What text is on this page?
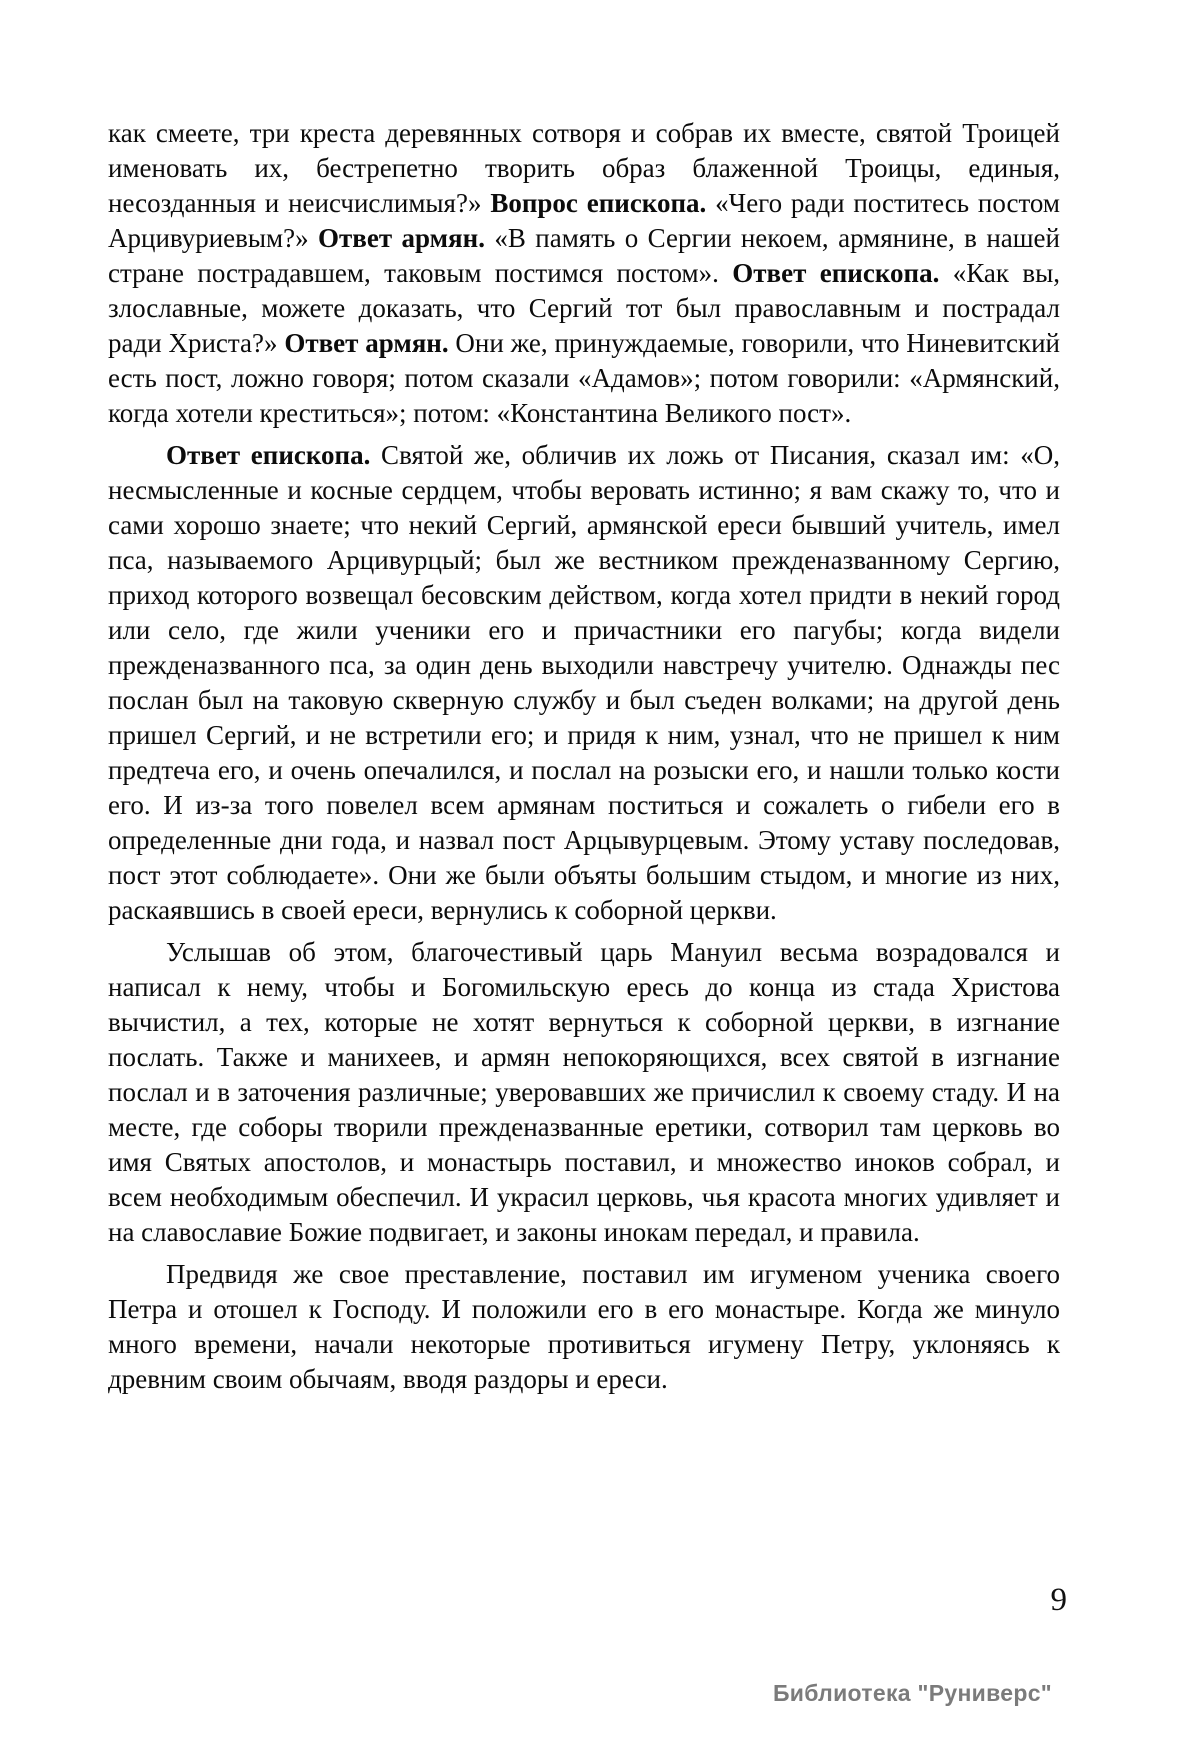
как смеете, три креста деревянных сотворя и собрав их вместе, святой Троицей именовать их, бестрепетно творить образ блаженной Троицы, единыя, несозданныя и неисчислимыя?» Вопрос епископа. «Чего ради поститесь постом Арцивуриевым?» Ответ армян. «В память о Сергии некоем, армянине, в нашей стране пострадавшем, таковым постимся постом». Ответ епископа. «Как вы, злославные, можете доказать, что Сергий тот был православным и пострадал ради Христа?» Ответ армян. Они же, принуждаемые, говорили, что Ниневитский есть пост, ложно говоря; потом сказали «Адамов»; потом говорили: «Армянский, когда хотели креститься»; потом: «Константина Великого пост».

Ответ епископа. Святой же, обличив их ложь от Писания, сказал им: «О, несмысленные и косные сердцем, чтобы веровать истинно; я вам скажу то, что и сами хорошо знаете; что некий Сергий, армянской ереси бывший учитель, имел пса, называемого Арцивурцый; был же вестником прежденазванному Сергию, приход которого возвещал бесовским действом, когда хотел придти в некий город или село, где жили ученики его и причастники его пагубы; когда видели прежденазванного пса, за один день выходили навстречу учителю. Однажды пес послан был на таковую скверную службу и был съеден волками; на другой день пришел Сергий, и не встретили его; и придя к ним, узнал, что не пришел к ним предтеча его, и очень опечалился, и послал на розыски его, и нашли только кости его. И из-за того повелел всем армянам поститься и сожалеть о гибели его в определенные дни года, и назвал пост Арцывурцевым. Этому уставу последовав, пост этот соблюдаете». Они же были объяты большим стыдом, и многие из них, раскаявшись в своей ереси, вернулись к соборной церкви.

Услышав об этом, благочестивый царь Мануил весьма возрадовался и написал к нему, чтобы и Богомильскую ересь до конца из стада Христова вычистил, а тех, которые не хотят вернуться к соборной церкви, в изгнание послать. Также и манихеев, и армян непокоряющихся, всех святой в изгнание послал и в заточения различные; уверовавших же причислил к своему стаду. И на месте, где соборы творили прежденазванные еретики, сотворил там церковь во имя Святых апостолов, и монастырь поставил, и множество иноков собрал, и всем необходимым обеспечил. И украсил церковь, чья красота многих удивляет и на славославие Божие подвигает, и законы инокам передал, и правила.

Предвидя же свое преставление, поставил им игуменом ученика своего Петра и отошел к Господу. И положили его в его монастыре. Когда же минуло много времени, начали некоторые противиться игумену Петру, уклоняясь к древним своим обычаям, вводя раздоры и ереси.

9
Библиотека "Руниверс"
